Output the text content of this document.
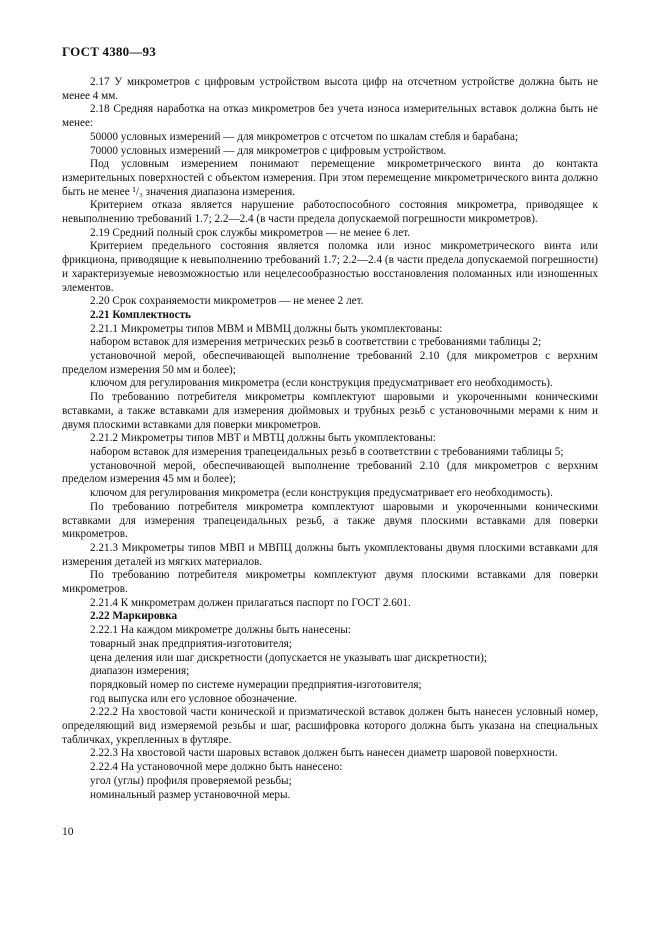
ГОСТ 4380—93

2.17 У микрометров с цифровым устройством высота цифр на отсчетном устройстве должна быть не менее 4 мм.

2.18 Средняя наработка на отказ микрометров без учета износа измерительных вставок должна быть не менее:

50000 условных измерений — для микрометров с отсчетом по шкалам стебля и барабана;

70000 условных измерений — для микрометров с цифровым устройством.

Под условным измерением понимают перемещение микрометрического винта до контакта измерительных поверхностей с объектом измерения. При этом перемещение микрометрического винта должно быть не менее ¹/₃ значения диапазона измерения.

Критерием отказа является нарушение работоспособного состояния микрометра, приводящее к невыполнению требований 1.7; 2.2—2.4 (в части предела допускаемой погрешности микрометров).

2.19 Средний полный срок службы микрометров — не менее 6 лет.

Критерием предельного состояния является поломка или износ микрометрического винта или фрикциона, приводящие к невыполнению требований 1.7; 2.2—2.4 (в части предела допускаемой погрешности) и характеризуемые невозможностью или нецелесообразностью восстановления поломанных или изношенных элементов.

2.20 Срок сохраняемости микрометров — не менее 2 лет.

2.21 Комплектность

2.21.1 Микрометры типов МВМ и МВМЦ должны быть укомплектованы:

набором вставок для измерения метрических резьб в соответствии с требованиями таблицы 2;

установочной мерой, обеспечивающей выполнение требований 2.10 (для микрометров с верхним пределом измерения 50 мм и более);

ключом для регулирования микрометра (если конструкция предусматривает его необходимость).

По требованию потребителя микрометры комплектуют шаровыми и укороченными коническими вставками, а также вставками для измерения дюймовых и трубных резьб с установочными мерами к ним и двумя плоскими вставками для поверки микрометров.

2.21.2 Микрометры типов МВТ и МВТЦ должны быть укомплектованы:

набором вставок для измерения трапецеидальных резьб в соответствии с требованиями таблицы 5;

установочной мерой, обеспечивающей выполнение требований 2.10 (для микрометров с верхним пределом измерения 45 мм и более);

ключом для регулирования микрометра (если конструкция предусматривает его необходимость).

По требованию потребителя микрометра комплектуют шаровыми и укороченными коническими вставками для измерения трапецеидальных резьб, а также двумя плоскими вставками для поверки микрометров.

2.21.3 Микрометры типов МВП и МВПЦ должны быть укомплектованы двумя плоскими вставками для измерения деталей из мягких материалов.

По требованию потребителя микрометры комплектуют двумя плоскими вставками для поверки микрометров.

2.21.4 К микрометрам должен прилагаться паспорт по ГОСТ 2.601.

2.22 Маркировка

2.22.1 На каждом микрометре должны быть нанесены:

товарный знак предприятия-изготовителя;

цена деления или шаг дискретности (допускается не указывать шаг дискретности);

диапазон измерения;

порядковый номер по системе нумерации предприятия-изготовителя;

год выпуска или его условное обозначение.

2.22.2 На хвостовой части конической и призматической вставок должен быть нанесен условный номер, определяющий вид измеряемой резьбы и шаг, расшифровка которого должна быть указана на специальных табличках, укрепленных в футляре.

2.22.3 На хвостовой части шаровых вставок должен быть нанесен диаметр шаровой поверхности.

2.22.4 На установочной мере должно быть нанесено:

угол (углы) профиля проверяемой резьбы;

номинальный размер установочной меры.

10
